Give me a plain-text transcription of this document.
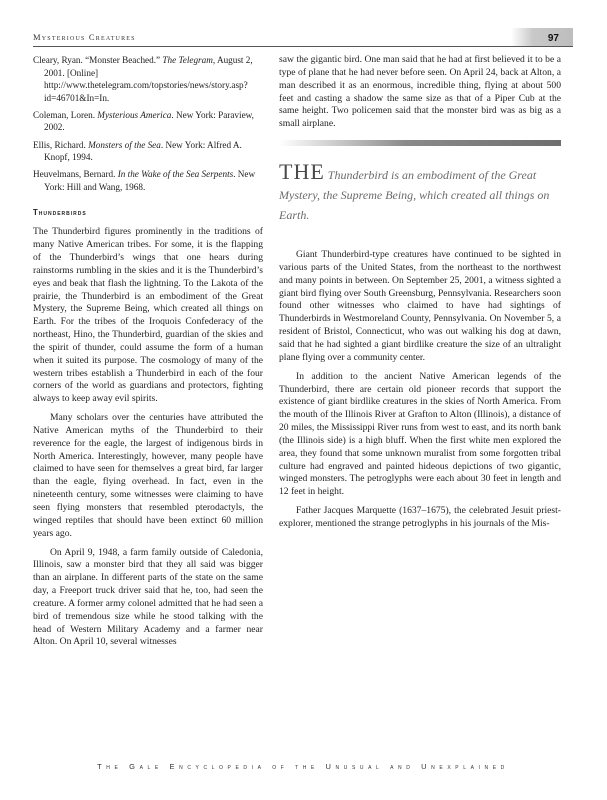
Mysterious Creatures	97

Cleary, Ryan. “Monster Beached.” The Telegram, August 2, 2001. [Online] http://www.thetelegram.com/topstories/news/story.asp?id=46701&In=In.

Coleman, Loren. Mysterious America. New York: Paraview, 2002.

Ellis, Richard. Monsters of the Sea. New York: Alfred A. Knopf, 1994.

Heuvelmans, Bernard. In the Wake of the Sea Serpents. New York: Hill and Wang, 1968.

Thunderbirds

The Thunderbird figures prominently in the traditions of many Native American tribes. For some, it is the flapping of the Thunderbird’s wings that one hears during rainstorms rumbling in the skies and it is the Thunderbird’s eyes and beak that flash the lightning. To the Lakota of the prairie, the Thunderbird is an embodiment of the Great Mystery, the Supreme Being, which created all things on Earth. For the tribes of the Iroquois Confederacy of the northeast, Hino, the Thunderbird, guardian of the skies and the spirit of thunder, could assume the form of a human when it suited its purpose. The cosmology of many of the western tribes establish a Thunderbird in each of the four corners of the world as guardians and protectors, fighting always to keep away evil spirits.

Many scholars over the centuries have attributed the Native American myths of the Thunderbird to their reverence for the eagle, the largest of indigenous birds in North America. Interestingly, however, many people have claimed to have seen for themselves a great bird, far larger than the eagle, flying overhead. In fact, even in the nineteenth century, some witnesses were claiming to have seen flying monsters that resembled pterodactyls, the winged reptiles that should have been extinct 60 million years ago.

On April 9, 1948, a farm family outside of Caledonia, Illinois, saw a monster bird that they all said was bigger than an airplane. In different parts of the state on the same day, a Freeport truck driver said that he, too, had seen the creature. A former army colonel admitted that he had seen a bird of tremendous size while he stood talking with the head of Western Military Academy and a farmer near Alton. On April 10, several witnesses

saw the gigantic bird. One man said that he had at first believed it to be a type of plane that he had never before seen. On April 24, back at Alton, a man described it as an enormous, incredible thing, flying at about 500 feet and casting a shadow the same size as that of a Piper Cub at the same height. Two policemen said that the monster bird was as big as a small airplane.

THE Thunderbird is an embodiment of the Great Mystery, the Supreme Being, which created all things on Earth.

Giant Thunderbird-type creatures have continued to be sighted in various parts of the United States, from the northeast to the northwest and many points in between. On September 25, 2001, a witness sighted a giant bird flying over South Greensburg, Pennsylvania. Researchers soon found other witnesses who claimed to have had sightings of Thunderbirds in Westmoreland County, Pennsylvania. On November 5, a resident of Bristol, Connecticut, who was out walking his dog at dawn, said that he had sighted a giant birdlike creature the size of an ultralight plane flying over a community center.

In addition to the ancient Native American legends of the Thunderbird, there are certain old pioneer records that support the existence of giant birdlike creatures in the skies of North America. From the mouth of the Illinois River at Grafton to Alton (Illinois), a distance of 20 miles, the Mississippi River runs from west to east, and its north bank (the Illinois side) is a high bluff. When the first white men explored the area, they found that some unknown muralist from some forgotten tribal culture had engraved and painted hideous depictions of two gigantic, winged monsters. The petroglyphs were each about 30 feet in length and 12 feet in height.

Father Jacques Marquette (1637–1675), the celebrated Jesuit priest-explorer, mentioned the strange petroglyphs in his journals of the Mis-

The Gale Encyclopedia of the Unusual and Unexplained
